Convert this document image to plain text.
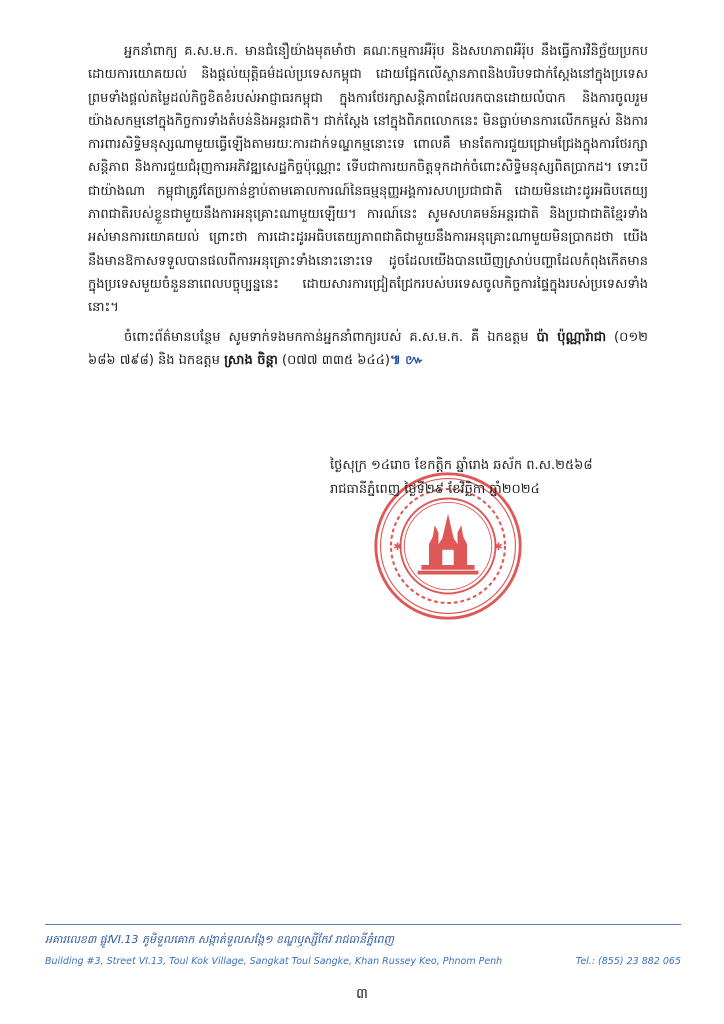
អ្នកនាំពាក្យ គ.ស.ម.ក. មានជំនឿយ៉ាងមុតមាំថា គណៈកម្មការអឺរ៉ុប និងសហភាពអឺរ៉ុប នឹងធ្វើការវិនិច្ឆ័យប្រកបដោយការយោគយល់ និងផ្តល់យុត្តិធម៌ដល់ប្រទេសកម្ពុជា ដោយផ្អែកលើស្ថានភាពនិងបរិបទជាក់ស្តែងនៅក្នុងប្រទេស ព្រមទាំងផ្តល់តម្លៃដល់កិច្ចខិតខំរបស់អាជ្ញាធរកម្ពុជា ក្នុងការថែរក្សាសន្តិភាពដែលរកបានដោយលំបាក និងការចូលរួមយ៉ាងសកម្មនៅក្នុងកិច្ចការទាំងតំបន់និងអន្តរជាតិ។ ជាក់ស្តែង នៅក្នុងពិភពលោកនេះ មិនធ្លាប់មានការលើកកម្ពស់ និងការការពារសិទ្ធិមនុស្សណាមួយធ្វើឡើងតាមរយៈការដាក់ទណ្ឌកម្មនោះទេ ពោលគឺ មានតែការជួយជ្រោមជ្រែងក្នុងការថែរក្សាសន្តិភាព និងការជួយជំរុញការអភិវឌ្ឍសេដ្ឋកិច្ចប៉ុណ្ណោះ ទើបជាការយកចិត្តទុកដាក់ចំពោះសិទ្ធិមនុស្សពិតប្រាកដ។ ទោះបីជាយ៉ាងណា កម្ពុជាត្រូវតែប្រកាន់ខ្ជាប់តាមគោលការណ៍នៃធម្មនុញ្ញអង្គការសហប្រជាជាតិ ដោយមិនដោះដូរអធិបតេយ្យភាពជាតិរបស់ខ្លួនជាមួយនឹងការអនុគ្រោះណាមួយឡើយ។ ការណ៍នេះ សូមសហគមន៍អន្តរជាតិ និងប្រជាជាតិខ្មែរទាំងអស់មានការយោគយល់ ព្រោះថា ការដោះដូរអធិបតេយ្យភាពជាតិជាមួយនឹងការអនុគ្រោះណាមួយមិនប្រាកដថា យើងនឹងមានឱកាសទទួលបានផលពីការអនុគ្រោះទាំងនោះនោះទេ ដូចដែលយើងបានឃើញស្រាប់បញ្ហាដែលកំពុងកើតមានក្នុងប្រទេសមួយចំនួននាពេលបច្ចុប្បន្ននេះ ដោយសារការជ្រៀតជ្រែករបស់បរទេសចូលកិច្ចការផ្ទៃក្នុងរបស់ប្រទេសទាំងនោះ។

ចំពោះព័ត៌មានបន្ថែម សូមទាក់ទងមកកាន់អ្នកនាំពាក្យរបស់ គ.ស.ម.ក. គឺ ឯកឧត្តម ប៉ា ប៉ុណ្ណារ៉ាជា (០១២ ៦៨៦ ៧៩៨) និង ឯកឧត្តម ស្រាង ចិន្តា (០៧៧ ៣៣៥ ៦៤៤)៕ ៚

✱	✱
ថ្ងៃសុក្រ ១៤រោច ខែកត្តិក ឆ្នាំរោង ឆស័ក ព.ស.២៥៦៨
រាជធានីភ្នំពេញ ថ្ងៃទី២៩ ខែវិច្ឆិកា ឆ្នាំ២០២៤
អគារលេខ៣ ផ្លូវVI.13 ភូមិទួលគោក សង្កាត់ទួលសង្កែ១ ខណ្ឌឫស្សីកែវ រាជធានីភ្នំពេញ
Building #3, Street VI.13, Toul Kok Village, Sangkat Toul Sangke, Khan Russey Keo, Phnom Penh	Tel.: (855) 23 882 065
៣
